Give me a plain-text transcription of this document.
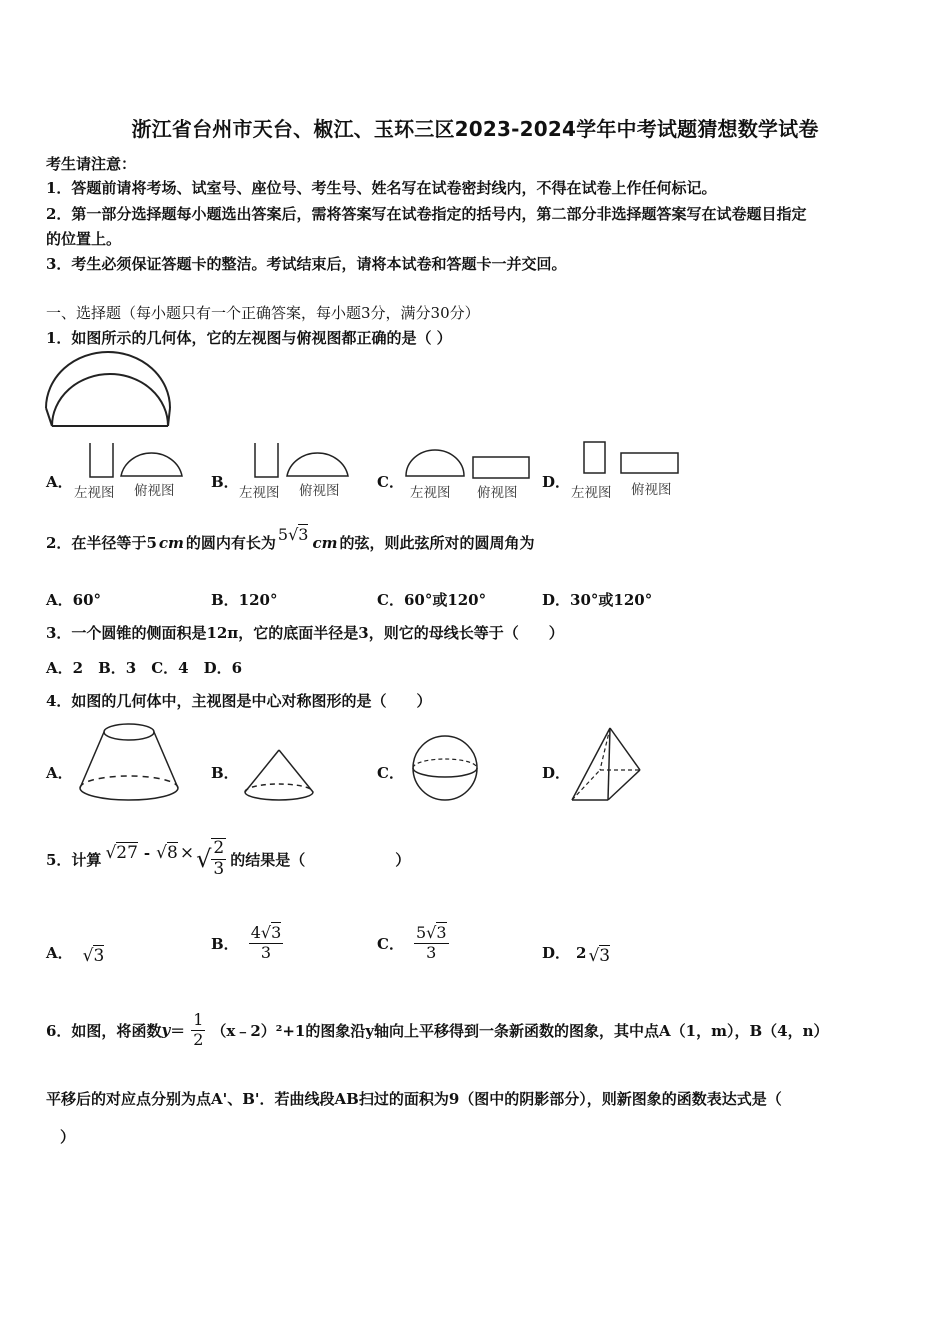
浙江省台州市天台、椒江、玉环三区2023-2024学年中考试题猜想数学试卷
考生请注意：
1．答题前请将考场、试室号、座位号、考生号、姓名写在试卷密封线内，不得在试卷上作任何标记。
2．第一部分选择题每小题选出答案后，需将答案写在试卷指定的括号内，第二部分非选择题答案写在试卷题目指定
的位置上。
3．考生必须保证答题卡的整洁。考试结束后，请将本试卷和答题卡一并交回。
一、选择题（每小题只有一个正确答案，每小题3分，满分30分）
1．如图所示的几何体，它的左视图与俯视图都正确的是（ ）
A．
左视图 俯视图 B．
左视图 俯视图	C．
左视图 俯视图
D．
左视图 俯视图
2．在半径等于5 cm 的圆内有长为 5√3 cm 的弦，则此弦所对的圆周角为
A．60°	B．120°	C．60°或120°	D．30°或120°
3．一个圆锥的侧面积是12π，它的底面半径是3，则它的母线长等于（　　）
A．2　B．3　C．4　D．6
4．如图的几何体中，主视图是中心对称图形的是（　　）
A．	B．	C．	D．
5．计算 √27 - √8 × √ $\frac{2}{3}$ 的结果是（　　　　　　）
A． √3
B． $\frac{4√3}{3}$	C． $\frac{5√3}{3}$	D． 2 √3
6．如图，将函数 $y = \frac{1}{2}$ （x﹣2）²+1的图象沿y轴向上平移得到一条新函数的图象，其中点A（1，m），B（4，n）
平移后的对应点分别为点A'、B'．若曲线段AB扫过的面积为9（图中的阴影部分），则新图象的函数表达式是（
）
